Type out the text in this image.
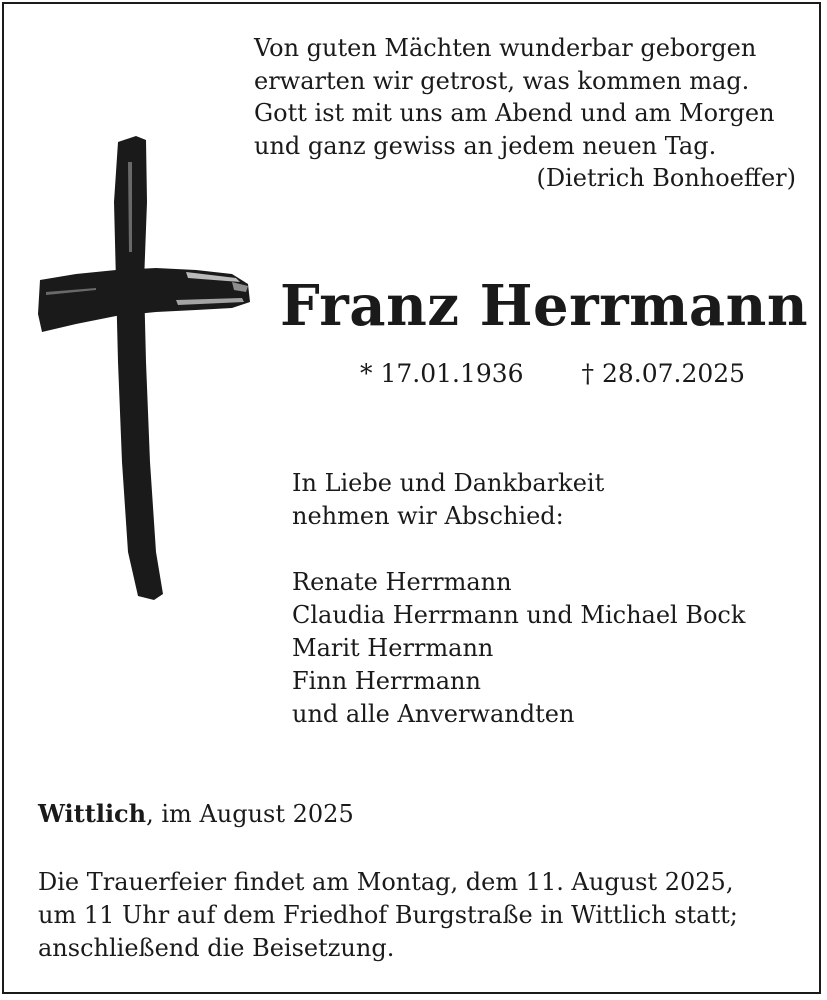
Von guten Mächten wunderbar geborgen
erwarten wir getrost, was kommen mag.
Gott ist mit uns am Abend und am Morgen
und ganz gewiss an jedem neuen Tag.
(Dietrich Bonhoeffer)
Franz Herrmann
* 17.01.1936 † 28.07.2025
In Liebe und Dankbarkeit
nehmen wir Abschied:
Renate Herrmann
Claudia Herrmann und Michael Bock
Marit Herrmann
Finn Herrmann
und alle Anverwandten
Wittlich, im August 2025
Die Trauerfeier findet am Montag, dem 11. August 2025,
um 11 Uhr auf dem Friedhof Burgstraße in Wittlich statt;
anschließend die Beisetzung.
